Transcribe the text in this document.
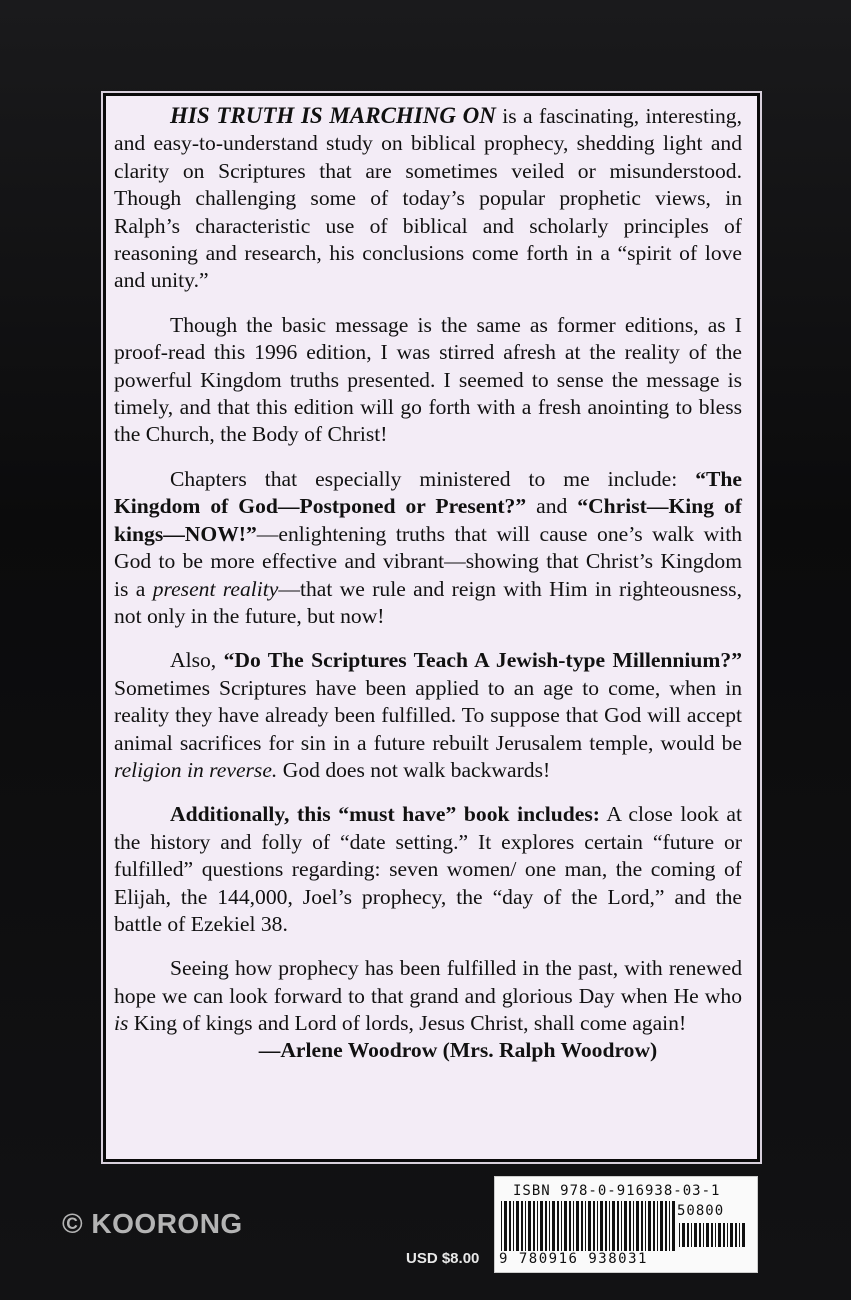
HIS TRUTH IS MARCHING ON is a fascinating, interesting, and easy-to-understand study on biblical prophecy, shedding light and clarity on Scriptures that are sometimes veiled or misunderstood. Though challenging some of today’s popular prophetic views, in Ralph’s characteristic use of biblical and scholarly principles of reasoning and research, his conclusions come forth in a “spirit of love and unity.”

Though the basic message is the same as former editions, as I proof-read this 1996 edition, I was stirred afresh at the reality of the powerful Kingdom truths presented. I seemed to sense the message is timely, and that this edition will go forth with a fresh anointing to bless the Church, the Body of Christ!

Chapters that especially ministered to me include: “The Kingdom of God—Postponed or Present?” and “Christ—King of kings—NOW!”—enlightening truths that will cause one’s walk with God to be more effective and vibrant—showing that Christ’s Kingdom is a present reality—that we rule and reign with Him in righteousness, not only in the future, but now!

Also, “Do The Scriptures Teach A Jewish-type Millennium?” Sometimes Scriptures have been applied to an age to come, when in reality they have already been fulfilled. To suppose that God will accept animal sacrifices for sin in a future rebuilt Jerusalem temple, would be religion in reverse. God does not walk backwards!

Additionally, this “must have” book includes: A close look at the history and folly of “date setting.” It explores certain “future or fulfilled” questions regarding: seven women/ one man, the coming of Elijah, the 144,000, Joel’s prophecy, the “day of the Lord,” and the battle of Ezekiel 38.

Seeing how prophecy has been fulfilled in the past, with renewed hope we can look forward to that grand and glorious Day when He who is King of kings and Lord of lords, Jesus Christ, shall come again!

—Arlene Woodrow (Mrs. Ralph Woodrow)
© KOORONG
USD $8.00
ISBN 978-0-916938-03-1
50800
9 780916 938031
